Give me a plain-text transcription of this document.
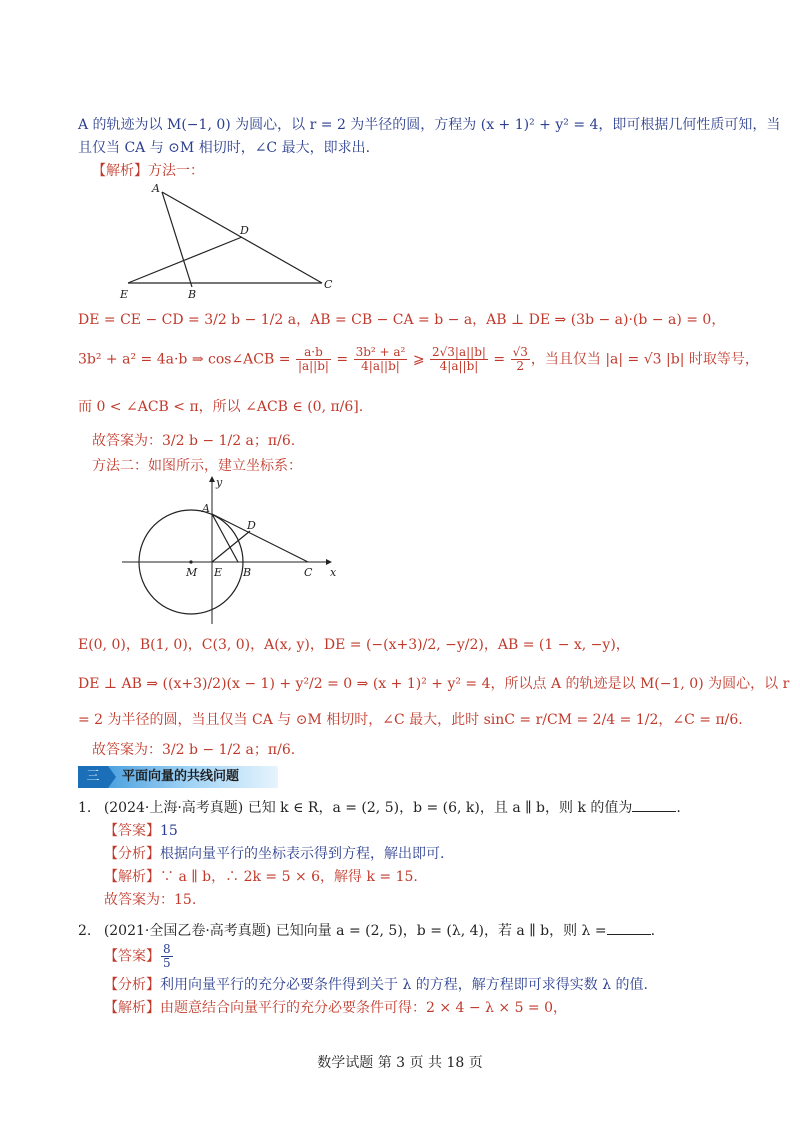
A 的轨迹为以 M(−1, 0) 为圆心，以 r = 2 为半径的圆，方程为 (x + 1)² + y² = 4，即可根据几何性质可知，当
且仅当 CA 与 ⊙M 相切时，∠C 最大，即求出.
【解析】方法一：
A
D
C
E	B
DE = CE − CD = 3/2 b − 1/2 a，AB = CB − CA = b − a，AB ⊥ DE ⇒ (3b − a)·(b − a) = 0，
3b² + a² = 4a·b ⇒ cos∠ACB = $\frac{a\cdot b}{|a||b|} = \frac{\text{3b² + a²}}{4|a||b|}$ ⩾ $\frac{2√3|a||b|}{4|a||b|} = \frac{√3}{2}$ ，当且仅当 |a| = √3 |b| 时取等号，
而 0 < ∠ACB < π，所以 ∠ACB ∈ (0, π/6].
故答案为：3/2 b − 1/2 a；π/6.
方法二：如图所示，建立坐标系：
y
x
A
D
M E B	C
E(0, 0)，B(1, 0)，C(3, 0)，A(x, y)，DE = (−(x+3)/2, −y/2)，AB = (1 − x, −y)，
DE ⊥ AB ⇒ ((x+3)/2)(x − 1) + y²/2 = 0 ⇒ (x + 1)² + y² = 4，所以点 A 的轨迹是以 M(−1, 0) 为圆心，以 r
= 2 为半径的圆，当且仅当 CA 与 ⊙M 相切时，∠C 最大，此时 sinC = r/CM = 2/4 = 1/2，∠C = π/6.
故答案为：3/2 b − 1/2 a；π/6.
三	平面向量的共线问题
1. (2024·上海·高考真题) 已知 k ∈ R，a = (2, 5)，b = (6, k)，且 a ∥ b，则 k 的值为	.
【答案】15
【分析】根据向量平行的坐标表示得到方程，解出即可.
【解析】∵ a ∥ b，∴ 2k = 5 × 6，解得 k = 15.
故答案为：15.
2. (2021·全国乙卷·高考真题) 已知向量 a = (2, 5)，b = (λ, 4)，若 a ∥ b，则 λ =	.
【答案】 $\frac{8}{5}$
【分析】利用向量平行的充分必要条件得到关于 λ 的方程，解方程即可求得实数 λ 的值.
【解析】由题意结合向量平行的充分必要条件可得：2 × 4 − λ × 5 = 0，
数学试题 第 3 页 共 18 页
